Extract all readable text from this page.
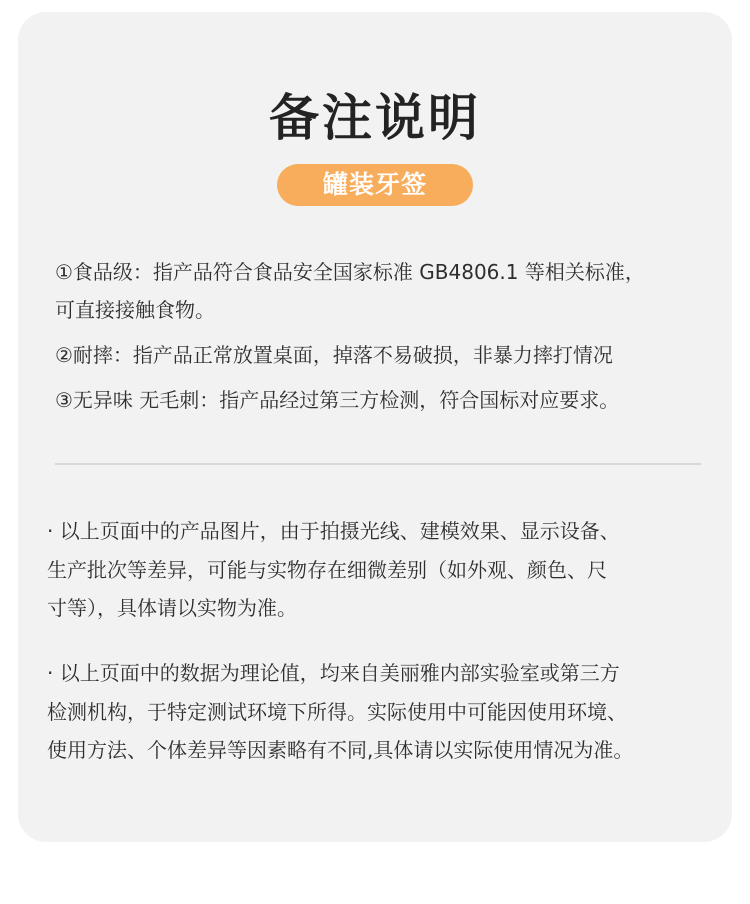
备注说明
罐装牙签
①食品级：指产品符合食品安全国家标准 GB4806.1 等相关标准，
可直接接触食物。
②耐摔：指产品正常放置桌面，掉落不易破损，非暴力摔打情况
③无异味 无毛刺：指产品经过第三方检测，符合国标对应要求。
· 以上页面中的产品图片，由于拍摄光线、建模效果、显示设备、
生产批次等差异，可能与实物存在细微差别（如外观、颜色、尺
寸等），具体请以实物为准。
· 以上页面中的数据为理论值，均来自美丽雅内部实验室或第三方
检测机构，于特定测试环境下所得。实际使用中可能因使用环境、
使用方法、个体差异等因素略有不同,具体请以实际使用情况为准。
